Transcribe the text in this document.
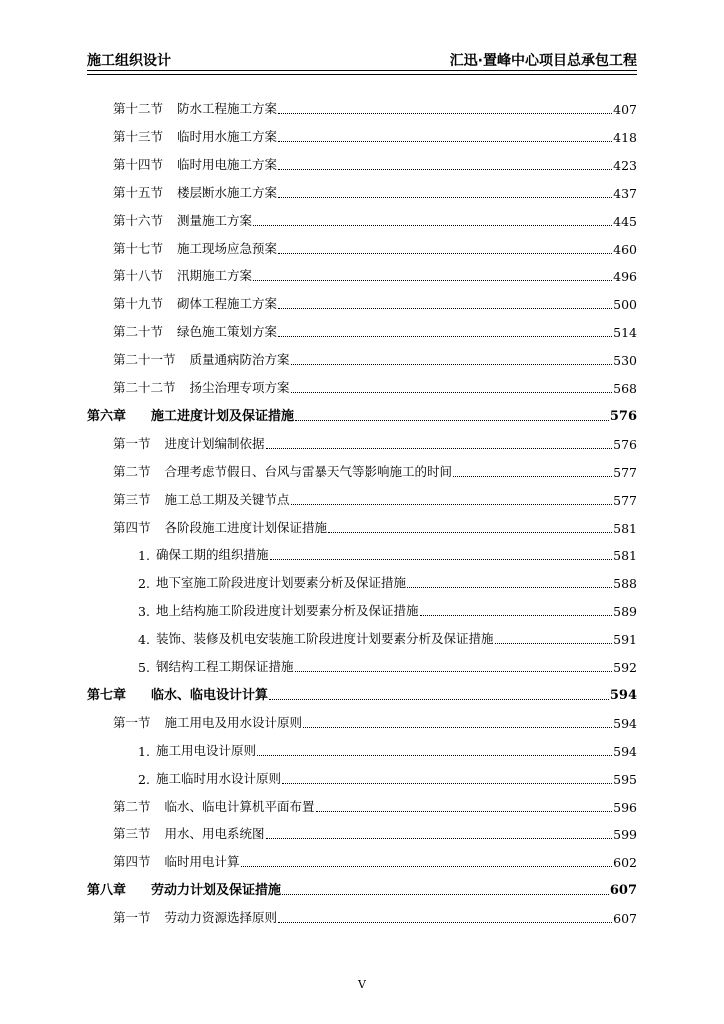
施工组织设计	汇迅·置峰中心项目总承包工程
第十二节 防水工程施工方案	407
第十三节 临时用水施工方案	418
第十四节 临时用电施工方案	423
第十五节 楼层断水施工方案	437
第十六节 测量施工方案	445
第十七节 施工现场应急预案	460
第十八节 汛期施工方案	496
第十九节 砌体工程施工方案	500
第二十节 绿色施工策划方案	514
第二十一节 质量通病防治方案	530
第二十二节 扬尘治理专项方案	568
第六章	施工进度计划及保证措施	576
第一节 进度计划编制依据	576
第二节 合理考虑节假日、台风与雷暴天气等影响施工的时间	577
第三节 施工总工期及关键节点	577
第四节 各阶段施工进度计划保证措施	581
1. 确保工期的组织措施	581
2. 地下室施工阶段进度计划要素分析及保证措施	588
3. 地上结构施工阶段进度计划要素分析及保证措施	589
4. 装饰、装修及机电安装施工阶段进度计划要素分析及保证措施	591
5. 钢结构工程工期保证措施	592
第七章	临水、临电设计计算	594
第一节 施工用电及用水设计原则	594
1. 施工用电设计原则	594
2. 施工临时用水设计原则	595
第二节 临水、临电计算机平面布置	596
第三节 用水、用电系统图	599
第四节 临时用电计算	602
第八章	劳动力计划及保证措施	607
第一节 劳动力资源选择原则	607
V
